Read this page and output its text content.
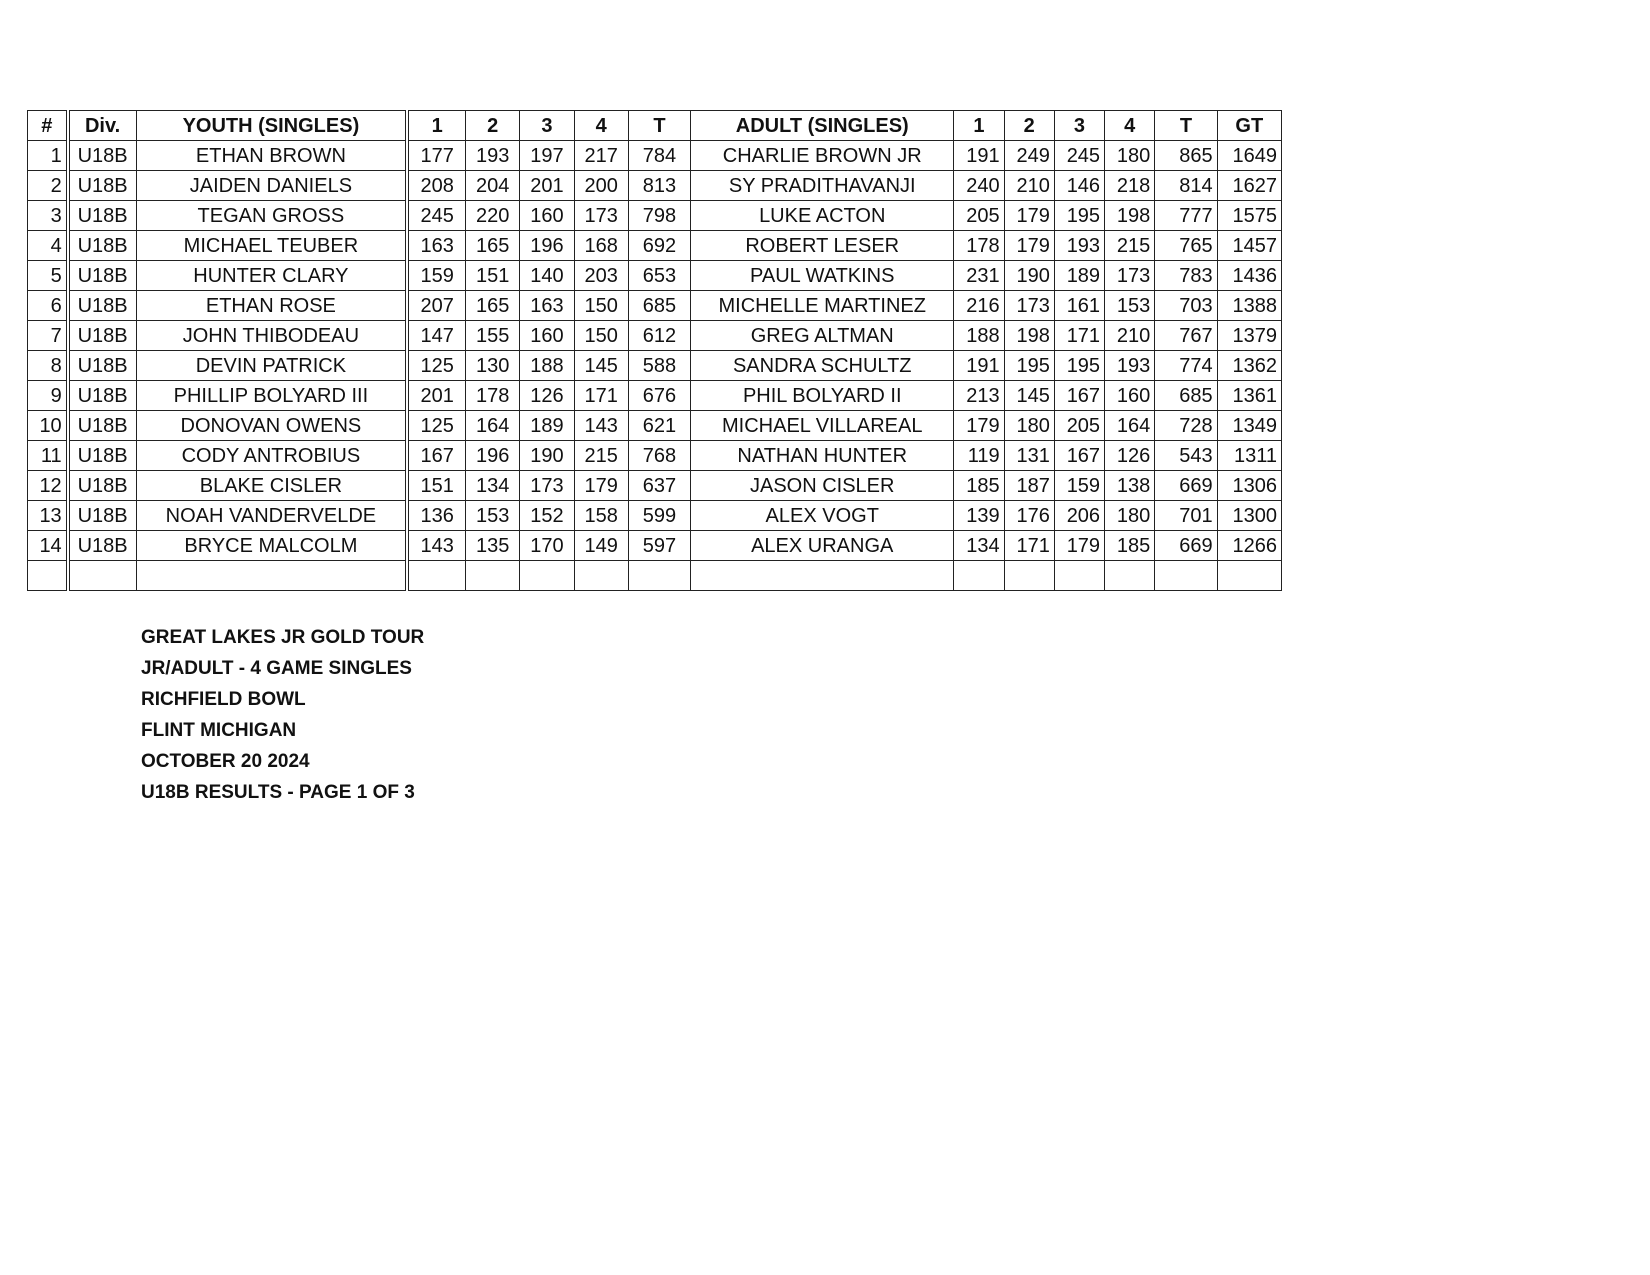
#	Div.	YOUTH (SINGLES)	1	2	3	4	T	ADULT (SINGLES)	1	2	3	4	T	GT
1	U18B	ETHAN BROWN	177	193	197	217	784	CHARLIE BROWN JR	191	249	245	180	865	1649
2	U18B	JAIDEN DANIELS	208	204	201	200	813	SY PRADITHAVANJI	240	210	146	218	814	1627
3	U18B	TEGAN GROSS	245	220	160	173	798	LUKE ACTON	205	179	195	198	777	1575
4	U18B	MICHAEL TEUBER	163	165	196	168	692	ROBERT LESER	178	179	193	215	765	1457
5	U18B	HUNTER CLARY	159	151	140	203	653	PAUL WATKINS	231	190	189	173	783	1436
6	U18B	ETHAN ROSE	207	165	163	150	685	MICHELLE MARTINEZ	216	173	161	153	703	1388
7	U18B	JOHN THIBODEAU	147	155	160	150	612	GREG ALTMAN	188	198	171	210	767	1379
8	U18B	DEVIN PATRICK	125	130	188	145	588	SANDRA SCHULTZ	191	195	195	193	774	1362
9	U18B	PHILLIP BOLYARD III	201	178	126	171	676	PHIL BOLYARD II	213	145	167	160	685	1361
10	U18B	DONOVAN OWENS	125	164	189	143	621	MICHAEL VILLAREAL	179	180	205	164	728	1349
11	U18B	CODY ANTROBIUS	167	196	190	215	768	NATHAN HUNTER	119	131	167	126	543	1311
12	U18B	BLAKE CISLER	151	134	173	179	637	JASON CISLER	185	187	159	138	669	1306
13	U18B	NOAH VANDERVELDE	136	153	152	158	599	ALEX VOGT	139	176	206	180	701	1300
14	U18B	BRYCE MALCOLM	143	135	170	149	597	ALEX URANGA	134	171	179	185	669	1266

GREAT LAKES JR GOLD TOUR
JR/ADULT - 4 GAME SINGLES
RICHFIELD BOWL
FLINT MICHIGAN
OCTOBER 20 2024
U18B RESULTS - PAGE 1 OF 3
